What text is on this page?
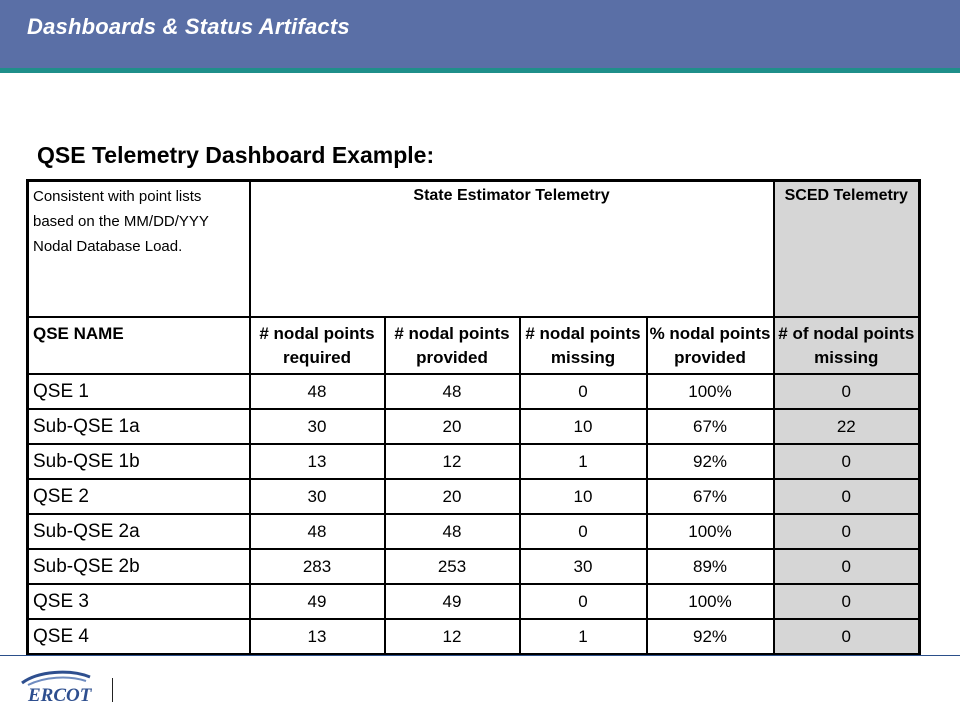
Dashboards & Status Artifacts
QSE Telemetry Dashboard Example:
Consistent with point lists based on the MM/DD/YYY Nodal Database Load.	State Estimator Telemetry				SCED Telemetry
QSE NAME	# nodal points required	# nodal points provided	# nodal points missing	% nodal points provided	# of nodal points missing
QSE 1	48	48	0	100%	0
Sub-QSE 1a	30	20	10	67%	22
Sub-QSE 1b	13	12	1	92%	0
QSE 2	30	20	10	67%	0
Sub-QSE 2a	48	48	0	100%	0
Sub-QSE 2b	283	253	30	89%	0
QSE 3	49	49	0	100%	0
QSE 4	13	12	1	92%	0
ERCOT
